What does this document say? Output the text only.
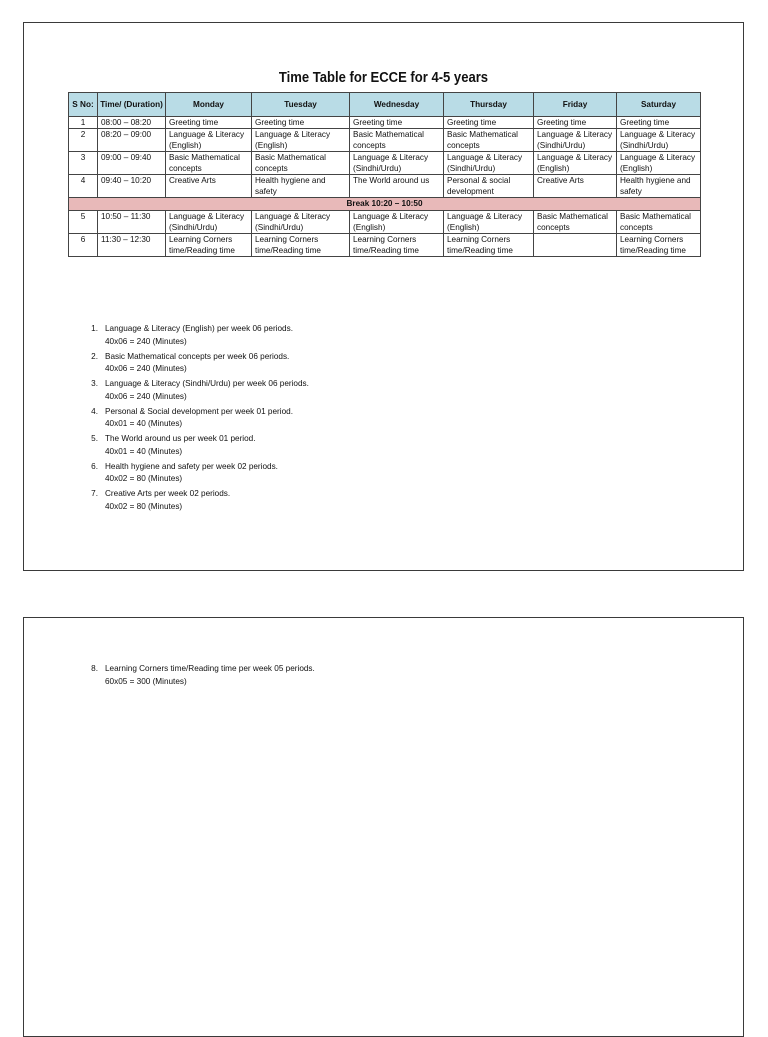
Time Table for ECCE for 4-5 years
S No:	Time/ (Duration)	Monday	Tuesday	Wednesday	Thursday	Friday	Saturday
1	08:00 – 08:20	Greeting time	Greeting time	Greeting time	Greeting time	Greeting time	Greeting time
2	08:20 – 09:00	Language & Literacy (English)	Language & Literacy (English)	Basic Mathematical concepts	Basic Mathematical concepts	Language & Literacy (Sindhi/Urdu)	Language & Literacy (Sindhi/Urdu)
3	09:00 – 09:40	Basic Mathematical concepts	Basic Mathematical concepts	Language & Literacy (Sindhi/Urdu)	Language & Literacy (Sindhi/Urdu)	Language & Literacy (English)	Language & Literacy (English)
4	09:40 – 10:20	Creative Arts	Health hygiene and safety	The World around us	Personal & social development	Creative Arts	Health hygiene and safety
Break 10:20 – 10:50							
5	10:50 – 11:30	Language & Literacy (Sindhi/Urdu)	Language & Literacy (Sindhi/Urdu)	Language & Literacy (English)	Language & Literacy (English)	Basic Mathematical concepts	Basic Mathematical concepts
6	11:30 – 12:30	Learning Corners time/Reading time	Learning Corners time/Reading time	Learning Corners time/Reading time	Learning Corners time/Reading time		Learning Corners time/Reading time
1. Language & Literacy (English) per week 06 periods.
40x06 = 240 (Minutes)
2. Basic Mathematical concepts per week 06 periods.
40x06 = 240 (Minutes)
3. Language & Literacy (Sindhi/Urdu) per week 06 periods.
40x06 = 240 (Minutes)
4. Personal & Social development per week 01 period.
40x01 = 40 (Minutes)
5. The World around us per week 01 period.
40x01 = 40 (Minutes)
6. Health hygiene and safety per week 02 periods.
40x02 = 80 (Minutes)
7. Creative Arts per week 02 periods.
40x02 = 80 (Minutes)
8. Learning Corners time/Reading time per week 05 periods.
60x05 = 300 (Minutes)
